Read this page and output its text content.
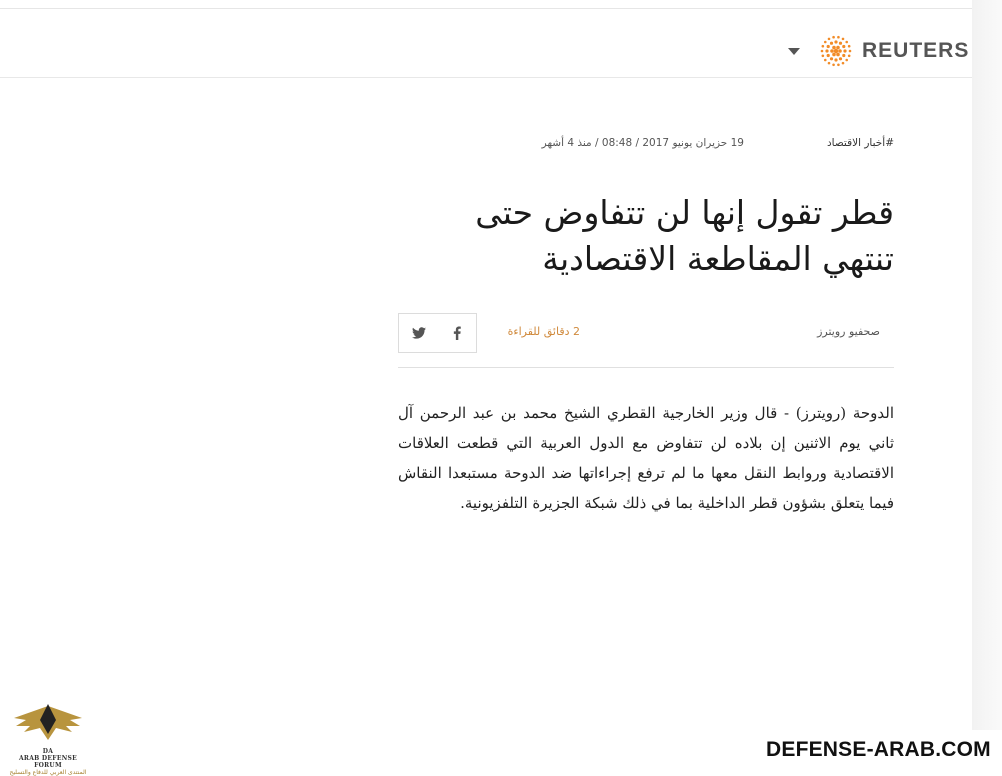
REUTERS
#أخبار الاقتصاد
19 حزيران يونيو 2017 / 08:48 / منذ 4 أشهر
قطر تقول إنها لن تتفاوض حتى تنتهي المقاطعة الاقتصادية
صحفيو رويترز
2 دقائق للقراءة

الدوحة (رويترز) - قال وزير الخارجية القطري الشيخ محمد بن عبد الرحمن آل ثاني يوم الاثنين إن بلاده لن تتفاوض مع الدول العربية التي قطعت العلاقات الاقتصادية وروابط النقل معها ما لم ترفع إجراءاتها ضد الدوحة مستبعدا النقاش فيما يتعلق بشؤون قطر الداخلية بما في ذلك شبكة الجزيرة التلفزيونية.

DA
ARAB DEFENSE FORUM
المنتدى العربي للدفاع والتسليح
DEFENSE-ARAB.COM
